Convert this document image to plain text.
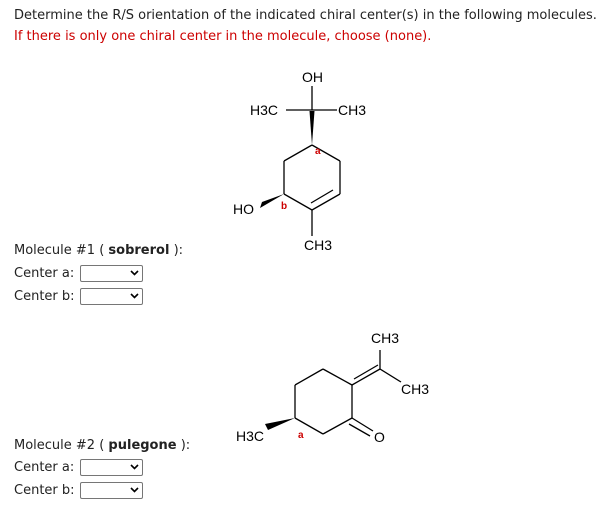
Determine the R/S orientation of the indicated chiral center(s) in the following molecules.
If there is only one chiral center in the molecule, choose (none).
Molecule #1 ( sobrerol ):
Center a:
Center b:
Molecule #2 ( pulegone ):
Center a:
Center b:
OH
H3C	CH3
HO
CH3
a
b
CH3
CH3
H3C	O
a
